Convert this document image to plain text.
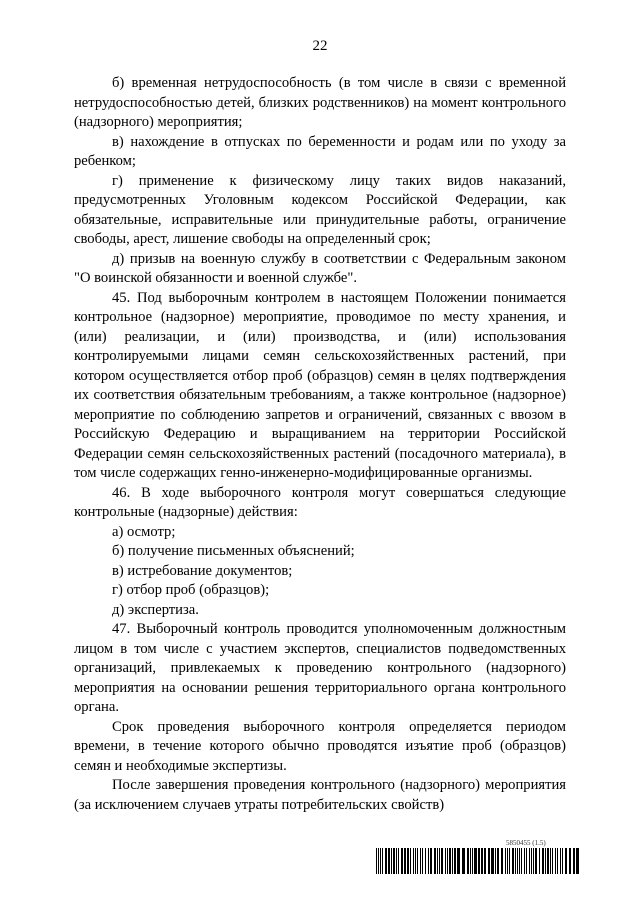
22

б) временная нетрудоспособность (в том числе в связи с временной нетрудоспособностью детей, близких родственников) на момент контрольного (надзорного) мероприятия;

в) нахождение в отпусках по беременности и родам или по уходу за ребенком;

г) применение к физическому лицу таких видов наказаний, предусмотренных Уголовным кодексом Российской Федерации, как обязательные, исправительные или принудительные работы, ограничение свободы, арест, лишение свободы на определенный срок;

д) призыв на военную службу в соответствии с Федеральным законом "О воинской обязанности и военной службе".

45. Под выборочным контролем в настоящем Положении понимается контрольное (надзорное) мероприятие, проводимое по месту хранения, и (или) реализации, и (или) производства, и (или) использования контролируемыми лицами семян сельскохозяйственных растений, при котором осуществляется отбор проб (образцов) семян в целях подтверждения их соответствия обязательным требованиям, а также контрольное (надзорное) мероприятие по соблюдению запретов и ограничений, связанных с ввозом в Российскую Федерацию и выращиванием на территории Российской Федерации семян сельскохозяйственных растений (посадочного материала), в том числе содержащих генно-инженерно-модифицированные организмы.

46. В ходе выборочного контроля могут совершаться следующие контрольные (надзорные) действия:

а) осмотр;

б) получение письменных объяснений;

в) истребование документов;

г) отбор проб (образцов);

д) экспертиза.

47. Выборочный контроль проводится уполномоченным должностным лицом в том числе с участием экспертов, специалистов подведомственных организаций, привлекаемых к проведению контрольного (надзорного) мероприятия на основании решения территориального органа контрольного органа.

Срок проведения выборочного контроля определяется периодом времени, в течение которого обычно проводятся изъятие проб (образцов) семян и необходимые экспертизы.

После завершения проведения контрольного (надзорного) мероприятия (за исключением случаев утраты потребительских свойств)

5850455 (1.5)
